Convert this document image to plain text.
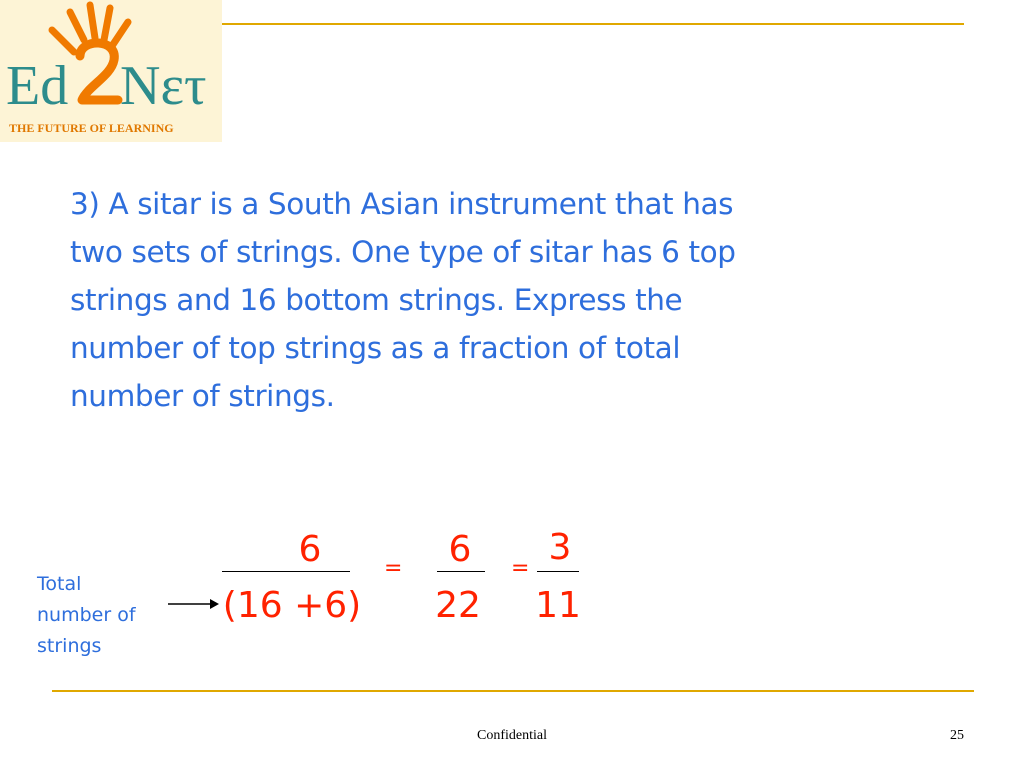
Ed Νετ
THE FUTURE OF LEARNING

3) A sitar is a South Asian instrument that has
two sets of strings. One type of sitar has 6 top
strings and 16 bottom strings. Express the
number of top strings as a fraction of total
number of strings.

Total
number of
strings
6
(16 +6)
=	6
22
=
3
11
Confidential	25
